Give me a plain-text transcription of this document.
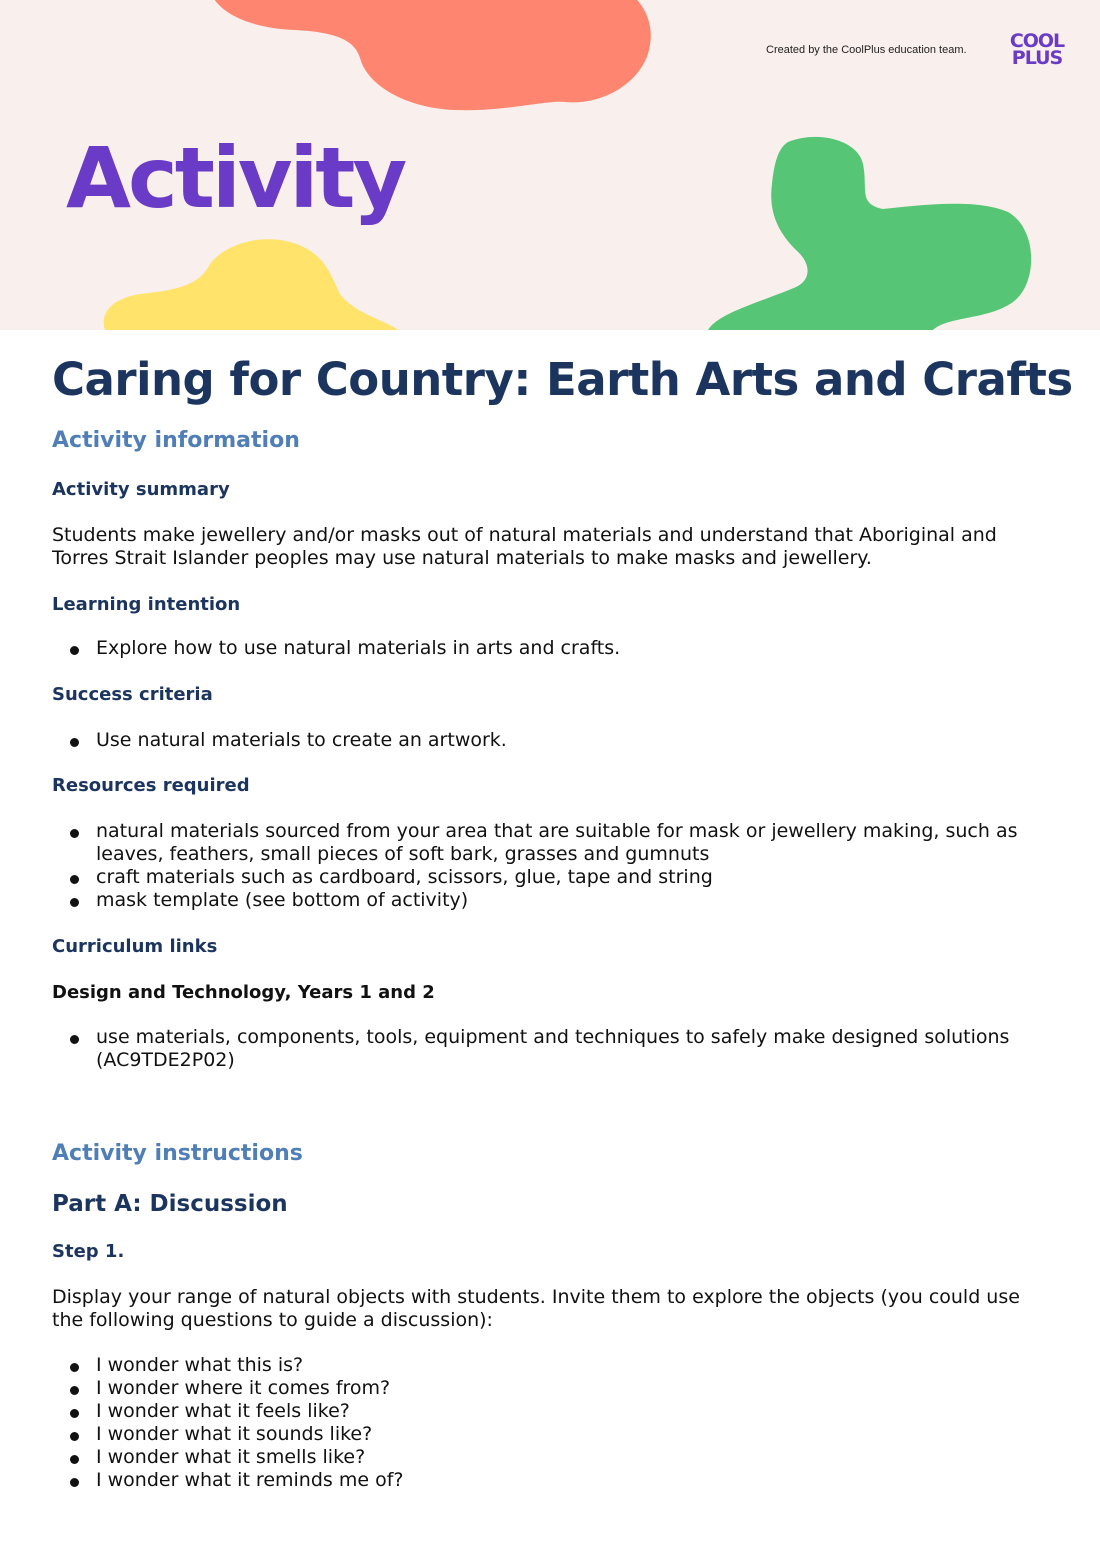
Created by the CoolPlus education team.	COOL
PLUS
Activity
Caring for Country: Earth Arts and Crafts
Activity information
Activity summary

Students make jewellery and/or masks out of natural materials and understand that Aboriginal and Torres Strait Islander peoples may use natural materials to make masks and jewellery.

Learning intention
Explore how to use natural materials in arts and crafts.
Success criteria
Use natural materials to create an artwork.
Resources required
natural materials sourced from your area that are suitable for mask or jewellery making, such as leaves, feathers, small pieces of soft bark, grasses and gumnuts
craft materials such as cardboard, scissors, glue, tape and string
mask template (see bottom of activity)
Curriculum links
Design and Technology, Years 1 and 2
use materials, components, tools, equipment and techniques to safely make designed solutions (AC9TDE2P02)
Activity instructions
Part A: Discussion
Step 1.

Display your range of natural objects with students. Invite them to explore the objects (you could use the following questions to guide a discussion):

I wonder what this is?
I wonder where it comes from?
I wonder what it feels like?
I wonder what it sounds like?
I wonder what it smells like?
I wonder what it reminds me of?
